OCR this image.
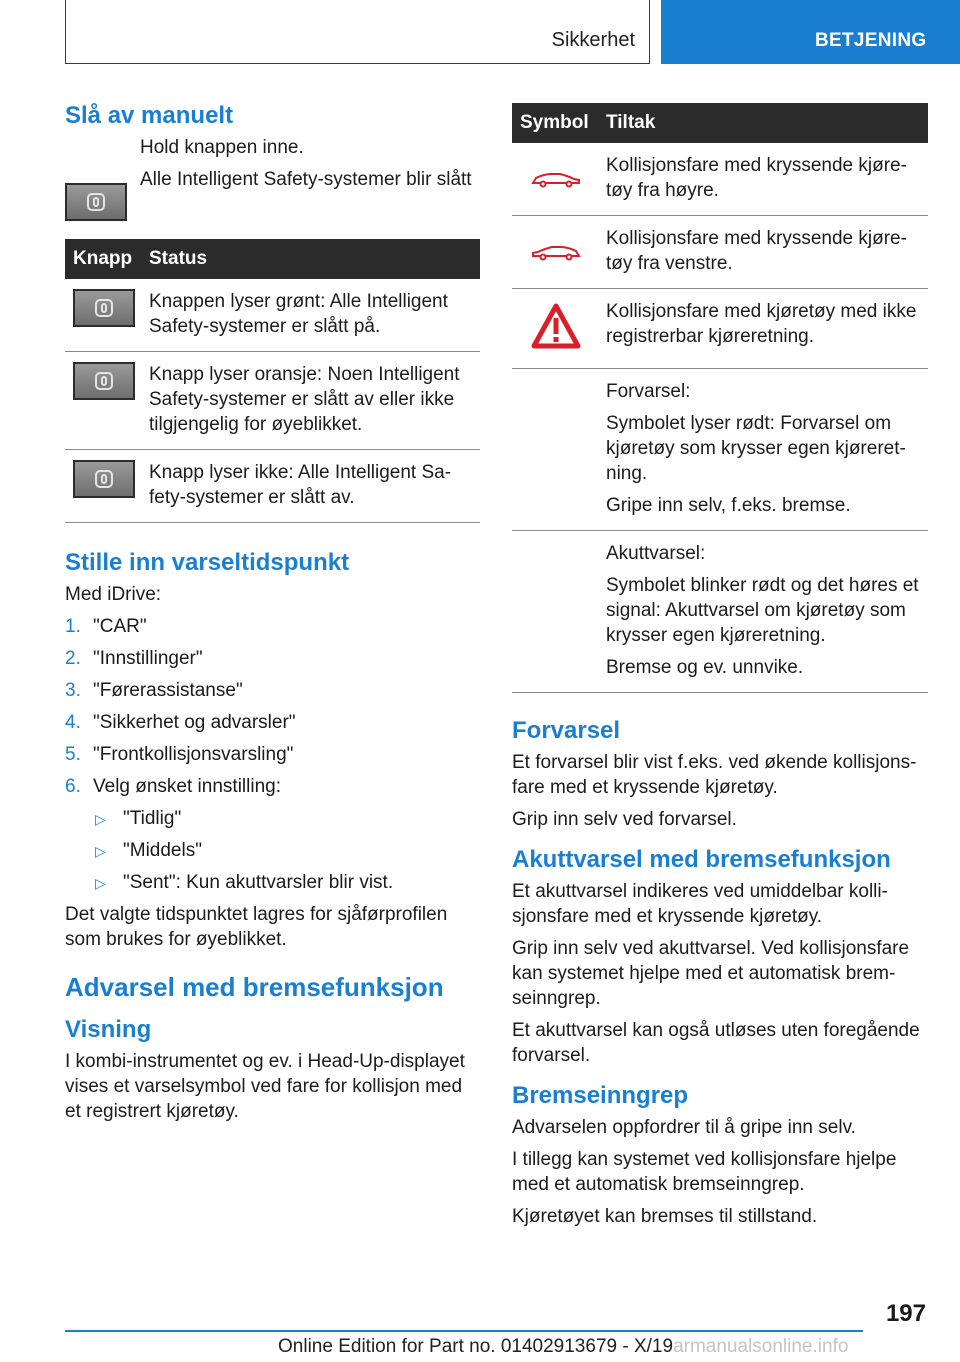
Sikkerhet	BETJENING
Slå av manuelt

Hold knappen inne.

Alle Intelligent Safety-systemer blir slått

Knapp	Status

	Knappen lyser grønt: Alle Intelligent Safety-systemer er slått på.

	Knapp lyser oransje: Noen Intelligent Safety-systemer er slått av eller ikke tilgjengelig for øyeblikket.

	Knapp lyser ikke: Alle Intelligent Sa‐fety-systemer er slått av.
Stille inn varseltidspunkt

Med iDrive:

1. "CAR"
2. "Innstillinger"
3. "Førerassistanse"
4. "Sikkerhet og advarsler"
5. "Frontkollisjonsvarsling"
6. Velg ønsket innstilling:
▷ "Tidlig"
▷ "Middels"
▷ "Sent": Kun akuttvarsler blir vist.

Det valgte tidspunktet lagres for sjåførprofilen som brukes for øyeblikket.

Advarsel med bremsefunksjon
Visning

I kombi-instrumentet og ev. i Head-Up-displayet vises et varselsymbol ved fare for kollisjon med et registrert kjøretøy.

Symbol	Tiltak
	Kollisjonsfare med kryssende kjøre‐tøy fra høyre.
	Kollisjonsfare med kryssende kjøre‐tøy fra venstre.
	Kollisjonsfare med kjøretøy med ikke registrerbar kjøreretning.

	Forvarsel:

Symbolet lyser rødt: Forvarsel om kjøretøy som krysser egen kjøreret‐ning.

Gripe inn selv, f.eks. bremse.

	Akuttvarsel:

Symbolet blinker rødt og det høres et signal: Akuttvarsel om kjøretøy som krysser egen kjøreretning.

Bremse og ev. unnvike.

Forvarsel

Et forvarsel blir vist f.eks. ved økende kollisjons‐fare med et kryssende kjøretøy.

Grip inn selv ved forvarsel.

Akuttvarsel med bremsefunksjon

Et akuttvarsel indikeres ved umiddelbar kolli‐sjonsfare med et kryssende kjøretøy.

Grip inn selv ved akuttvarsel. Ved kollisjonsfare kan systemet hjelpe med et automatisk brem‐seinngrep.

Et akuttvarsel kan også utløses uten foregående forvarsel.

Bremseinngrep

Advarselen oppfordrer til å gripe inn selv.

I tillegg kan systemet ved kollisjonsfare hjelpe med et automatisk bremseinngrep.

Kjøretøyet kan bremses til stillstand.

197
Online Edition for Part no. 01402913679 - X/19armanualsonline.info
